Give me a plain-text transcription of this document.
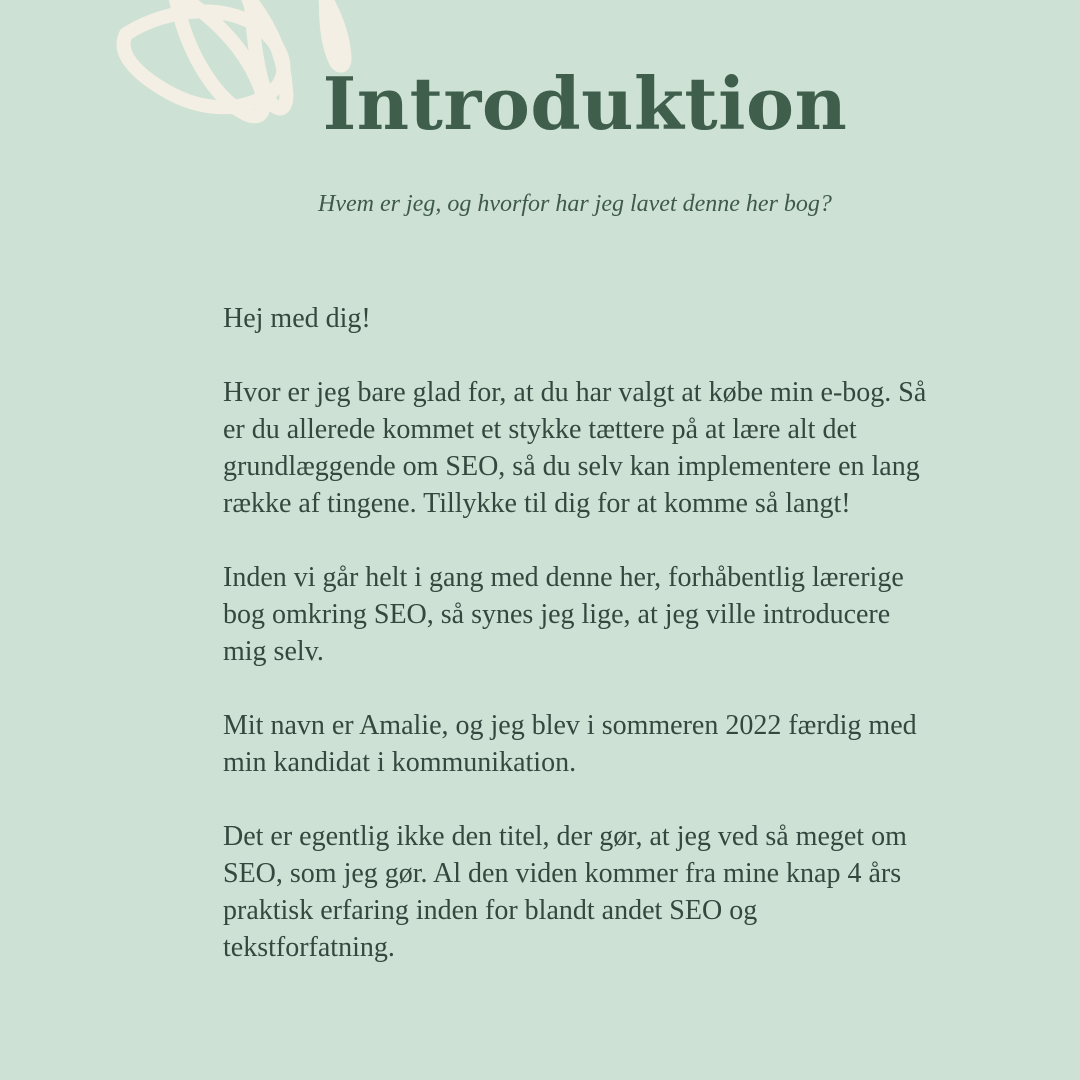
Introduktion

Hvem er jeg, og hvorfor har jeg lavet denne her bog?

Hej med dig!

Hvor er jeg bare glad for, at du har valgt at købe min e-bog. Så er du allerede kommet et stykke tættere på at lære alt det grundlæggende om SEO, så du selv kan implementere en lang række af tingene. Tillykke til dig for at komme så langt!

Inden vi går helt i gang med denne her, forhåbentlig lærerige bog omkring SEO, så synes jeg lige, at jeg ville introducere mig selv.

Mit navn er Amalie, og jeg blev i sommeren 2022 færdig med min kandidat i kommunikation.

Det er egentlig ikke den titel, der gør, at jeg ved så meget om SEO, som jeg gør. Al den viden kommer fra mine knap 4 års praktisk erfaring inden for blandt andet SEO og tekstforfatning.
